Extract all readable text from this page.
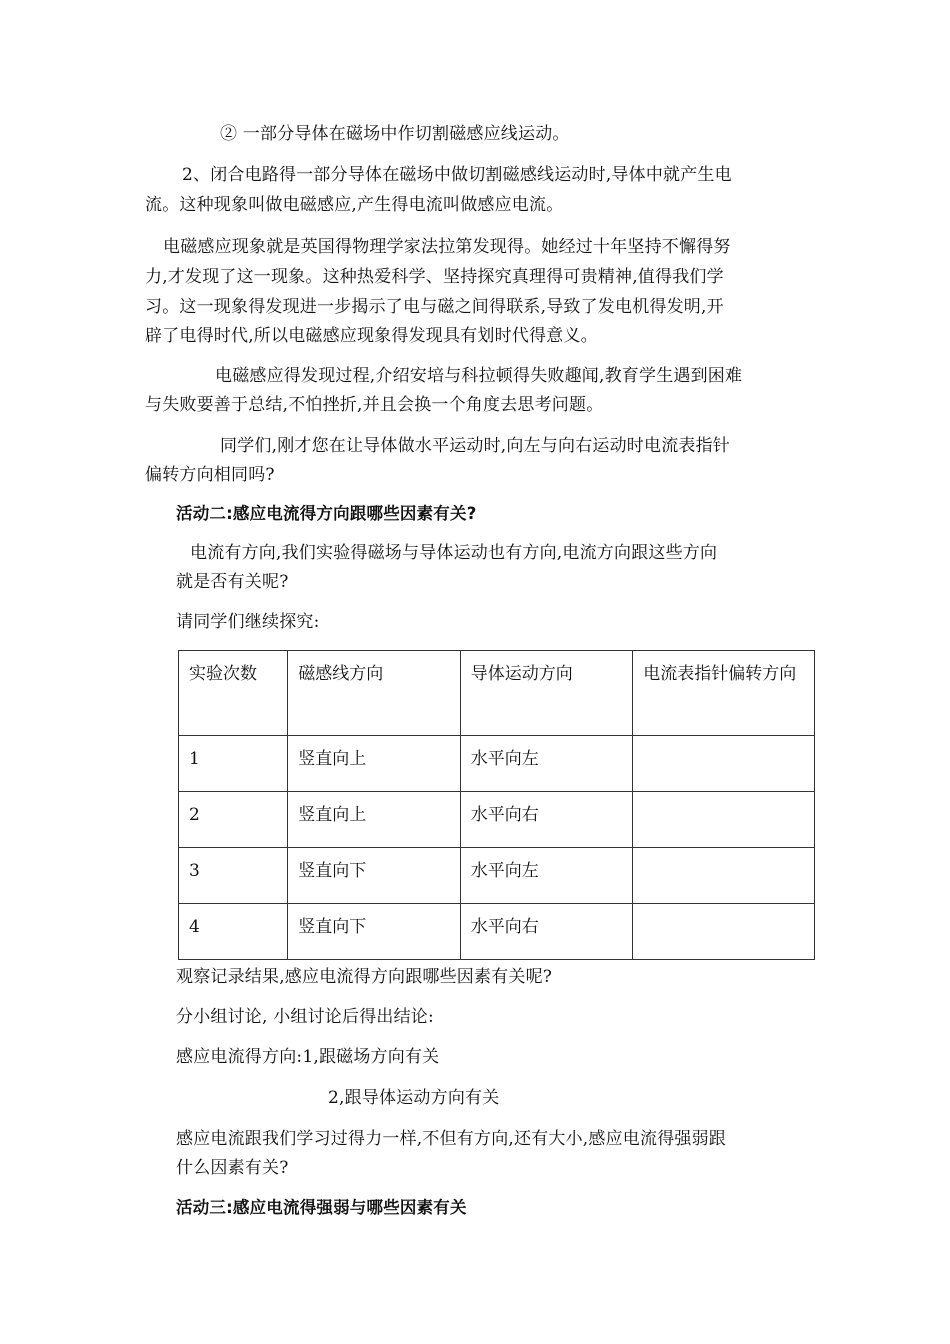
② 一部分导体在磁场中作切割磁感应线运动。
2、闭合电路得一部分导体在磁场中做切割磁感线运动时,导体中就产生电
流。这种现象叫做电磁感应,产生得电流叫做感应电流。
电磁感应现象就是英国得物理学家法拉第发现得。她经过十年坚持不懈得努
力,才发现了这一现象。这种热爱科学、坚持探究真理得可贵精神,值得我们学
习。这一现象得发现进一步揭示了电与磁之间得联系,导致了发电机得发明,开
辟了电得时代,所以电磁感应现象得发现具有划时代得意义。
电磁感应得发现过程,介绍安培与科拉顿得失败趣闻,教育学生遇到困难
与失败要善于总结,不怕挫折,并且会换一个角度去思考问题。
同学们,刚才您在让导体做水平运动时,向左与向右运动时电流表指针
偏转方向相同吗?
活动二:感应电流得方向跟哪些因素有关?
电流有方向,我们实验得磁场与导体运动也有方向,电流方向跟这些方向
就是否有关呢?
请同学们继续探究:
实验次数	磁感线方向	导体运动方向	电流表指针偏转方向
1	竖直向上	水平向左	
2	竖直向上	水平向右	
3	竖直向下	水平向左	
4	竖直向下	水平向右	
观察记录结果,感应电流得方向跟哪些因素有关呢?
分小组讨论, 小组讨论后得出结论:
感应电流得方向:1,跟磁场方向有关
2,跟导体运动方向有关
感应电流跟我们学习过得力一样,不但有方向,还有大小,感应电流得强弱跟
什么因素有关?
活动三:感应电流得强弱与哪些因素有关
